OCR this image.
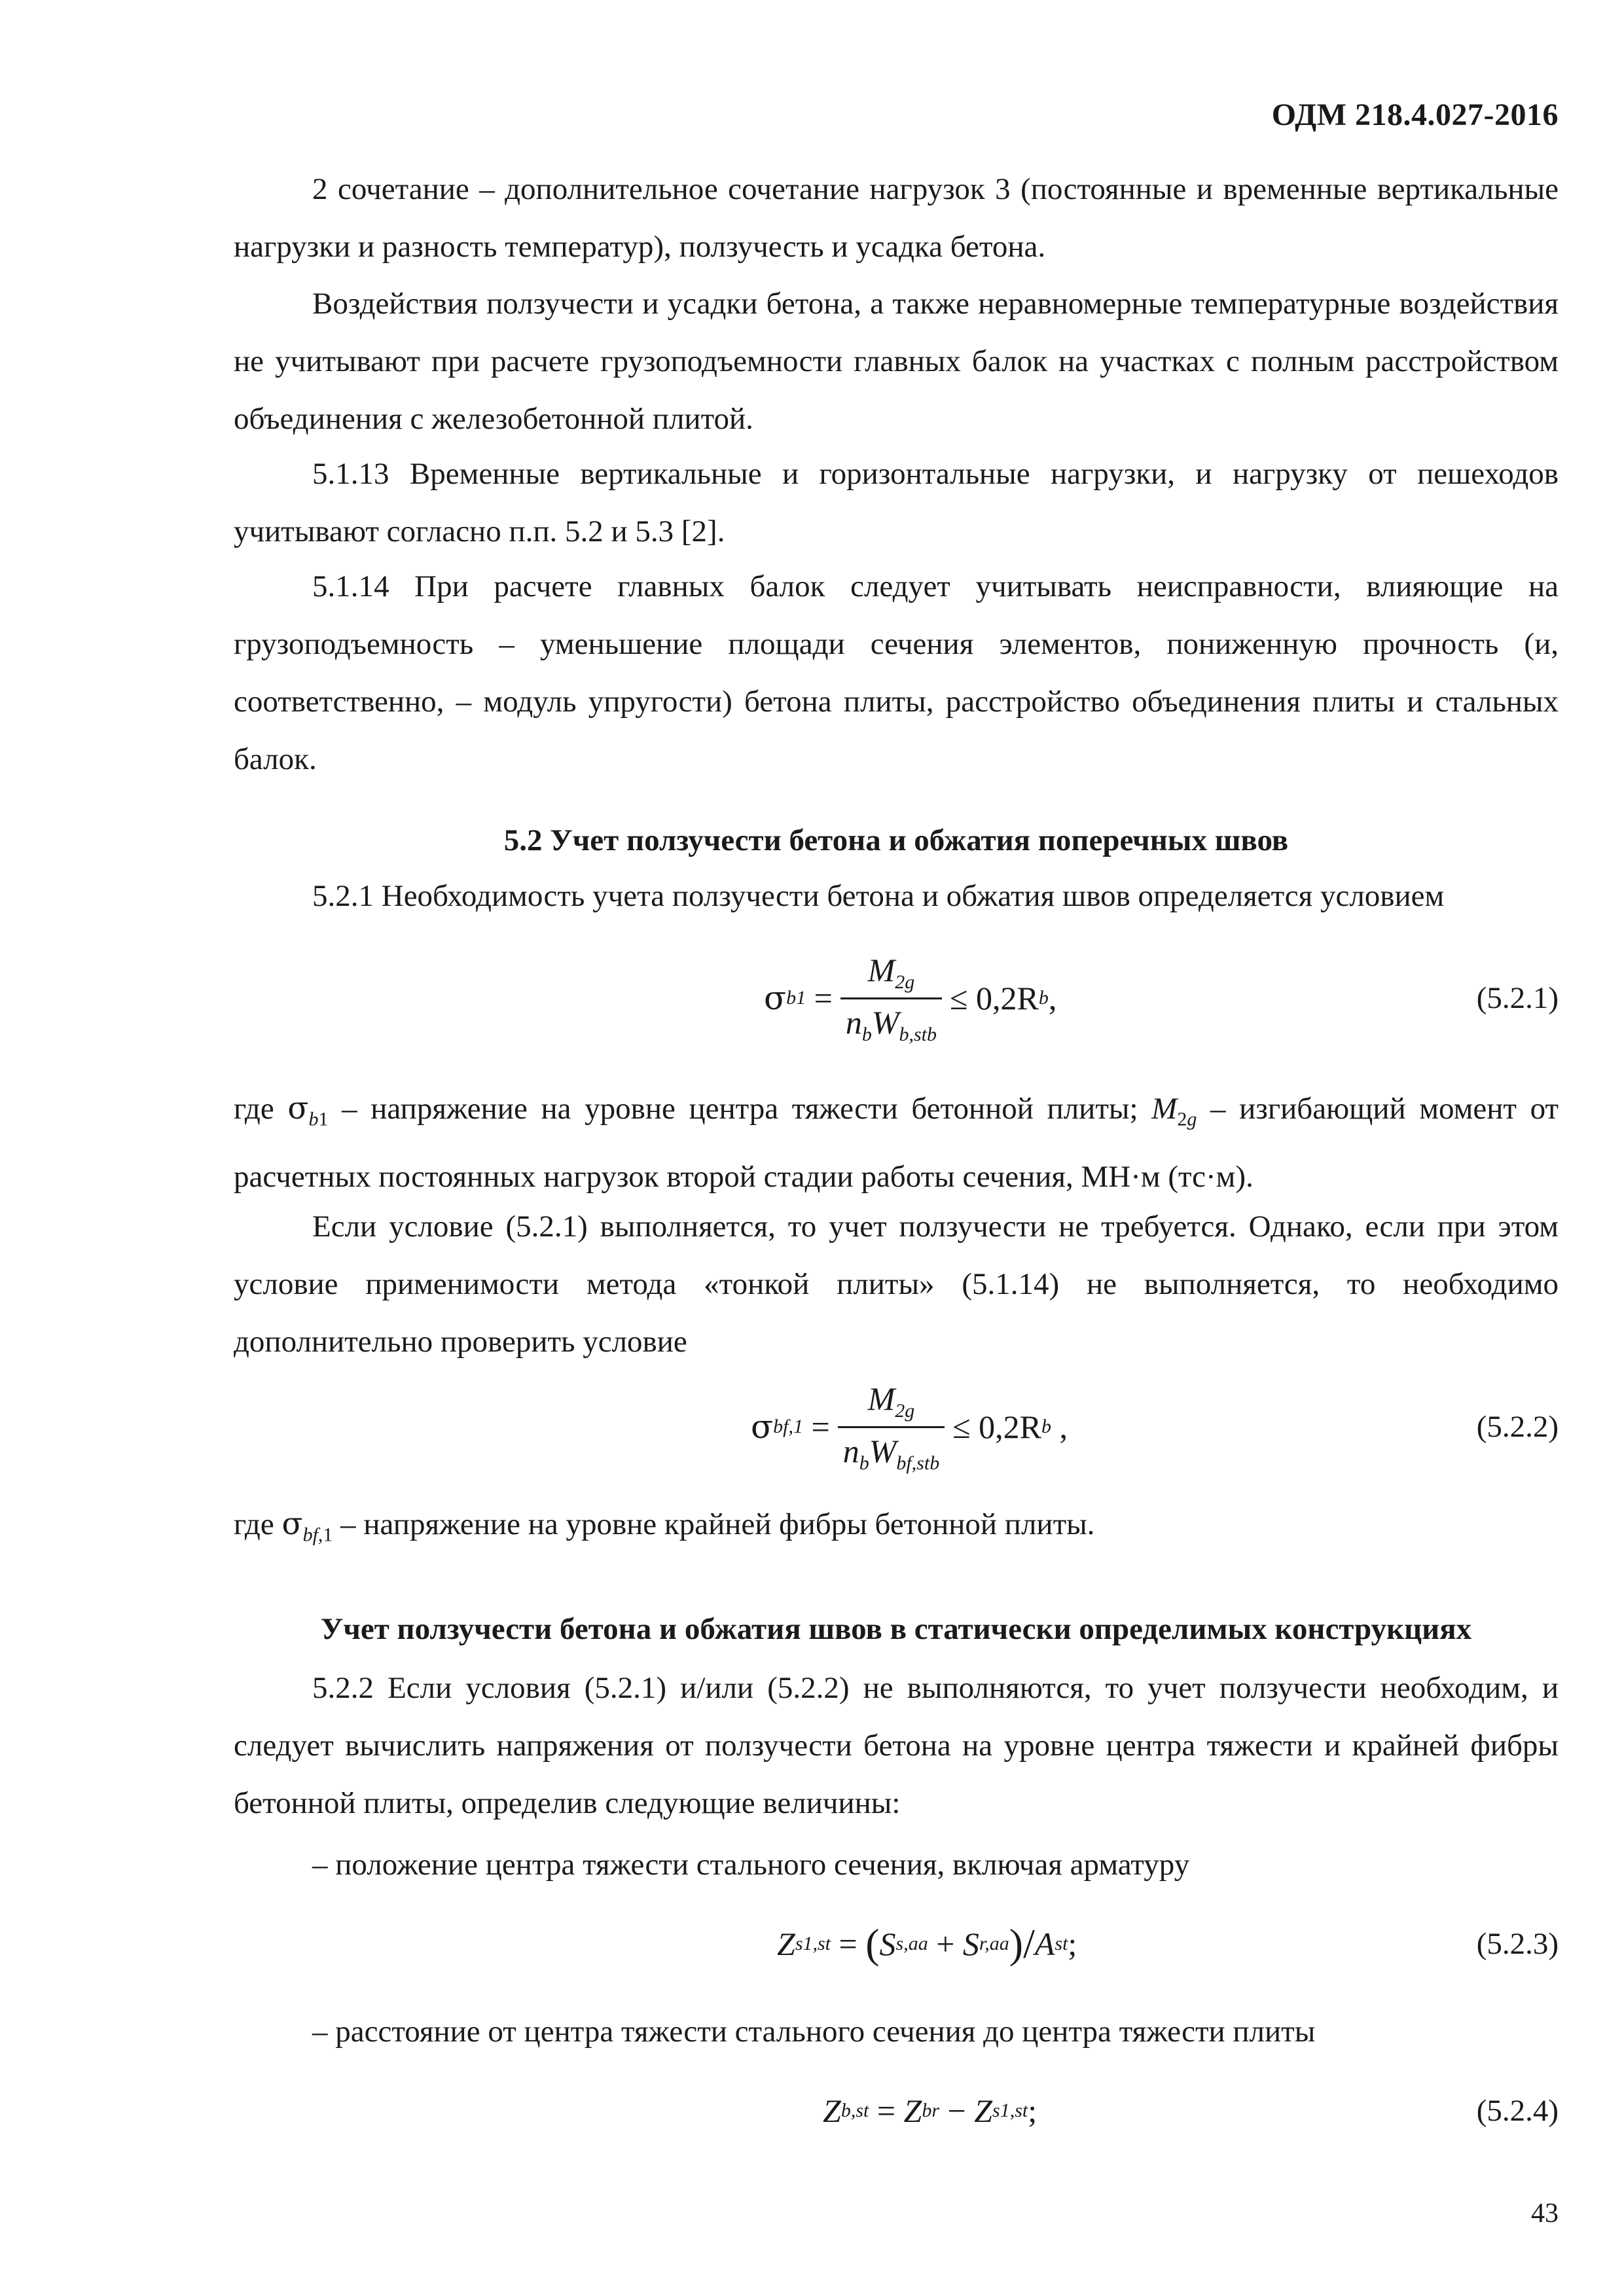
ОДМ 218.4.027-2016
2 сочетание – дополнительное сочетание нагрузок 3 (постоянные и временные вертикальные нагрузки и разность температур), ползучесть и усадка бетона.
Воздействия ползучести и усадки бетона, а также неравномерные температурные воздействия не учитывают при расчете грузоподъемности главных балок на участках с полным расстройством объединения с железобетонной плитой.
5.1.13 Временные вертикальные и горизонтальные нагрузки, и нагрузку от пешеходов учитывают согласно п.п. 5.2 и 5.3 [2].
5.1.14 При расчете главных балок следует учитывать неисправности, влияющие на грузоподъемность – уменьшение площади сечения элементов, пониженную прочность (и, соответственно, – модуль упругости) бетона плиты, расстройство объединения плиты и стальных балок.
5.2 Учет ползучести бетона и обжатия поперечных швов
5.2.1 Необходимость учета ползучести бетона и обжатия швов определяется условием
σ b1
= $\frac{M_{2g}}{n_bW_{b,stb}} \le 0,2R$ b ,	(5.2.1)
где $\sigma_{b1}$ – напряжение на уровне центра тяжести бетонной плиты; $M_{2g}$ – изгибающий момент от расчетных постоянных нагрузок второй стадии работы сечения, МН·м (тс·м).
Если условие (5.2.1) выполняется, то учет ползучести не требуется. Однако, если при этом условие применимости метода «тонкой плиты» (5.1.14) не выполняется, то необходимо дополнительно проверить условие
σ bf,1
= $\frac{M_{2g}}{n_bW_{bf,stb}} \le 0,2R$ b
,	(5.2.2)
где $\sigma_{bf,1}$ – напряжение на уровне крайней фибры бетонной плиты.
Учет ползучести бетона и обжатия швов в статически определимых конструкциях
5.2.2 Если условия (5.2.1) и/или (5.2.2) не выполняются, то учет ползучести необходим, и следует вычислить напряжения от ползучести бетона на уровне центра тяжести и крайней фибры бетонной плиты, определив следующие величины:
– положение центра тяжести стального сечения, включая арматуру
Z s1,st
=
( S s,aa
+ S r,aa ) / A st ;	(5.2.3)
– расстояние от центра тяжести стального сечения до центра тяжести плиты
Z b,st
= Z br
− Z s1,st ;	(5.2.4)
43
